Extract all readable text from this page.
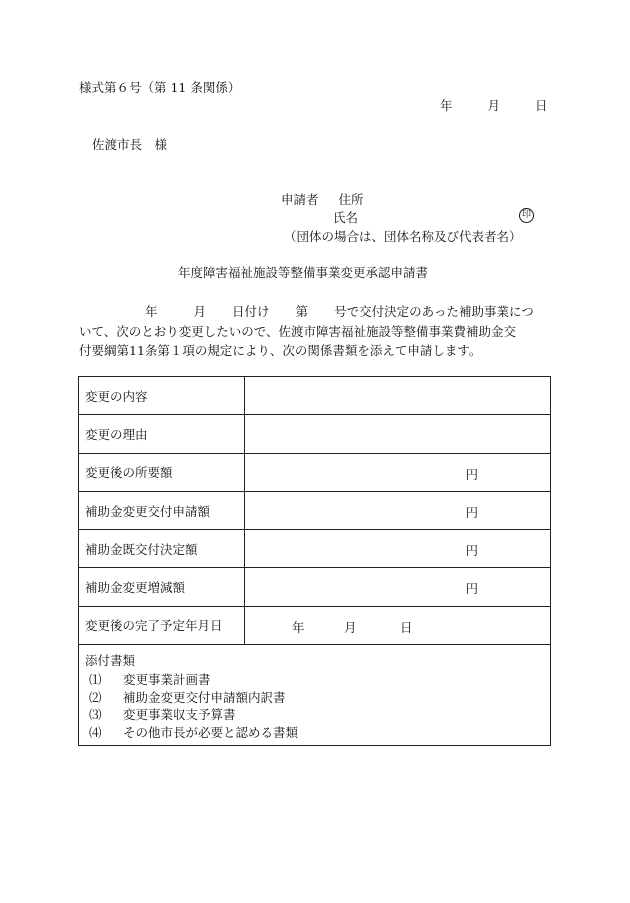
様式第６号（第 11 条関係）
年	月	日
佐渡市長　様
申請者 住所
氏名	印
（団体の場合は、団体名称及び代表者名）
年度障害福祉施設等整備事業変更承認申請書
年	月 日付け 第 号で交付決定のあった補助事業につ
いて、次のとおり変更したいので、佐渡市障害福祉施設等整備事業費補助金交
付要綱第11条第１項の規定により、次の関係書類を添えて申請します。
変更の内容
変更の理由
変更後の所要額	円
補助金変更交付申請額	円
補助金既交付決定額	円
補助金変更増減額	円
変更後の完了予定年月日	年	月	日
添付書類
⑴ 変更事業計画書
⑵ 補助金変更交付申請額内訳書
⑶ 変更事業収支予算書
⑷ その他市長が必要と認める書類
